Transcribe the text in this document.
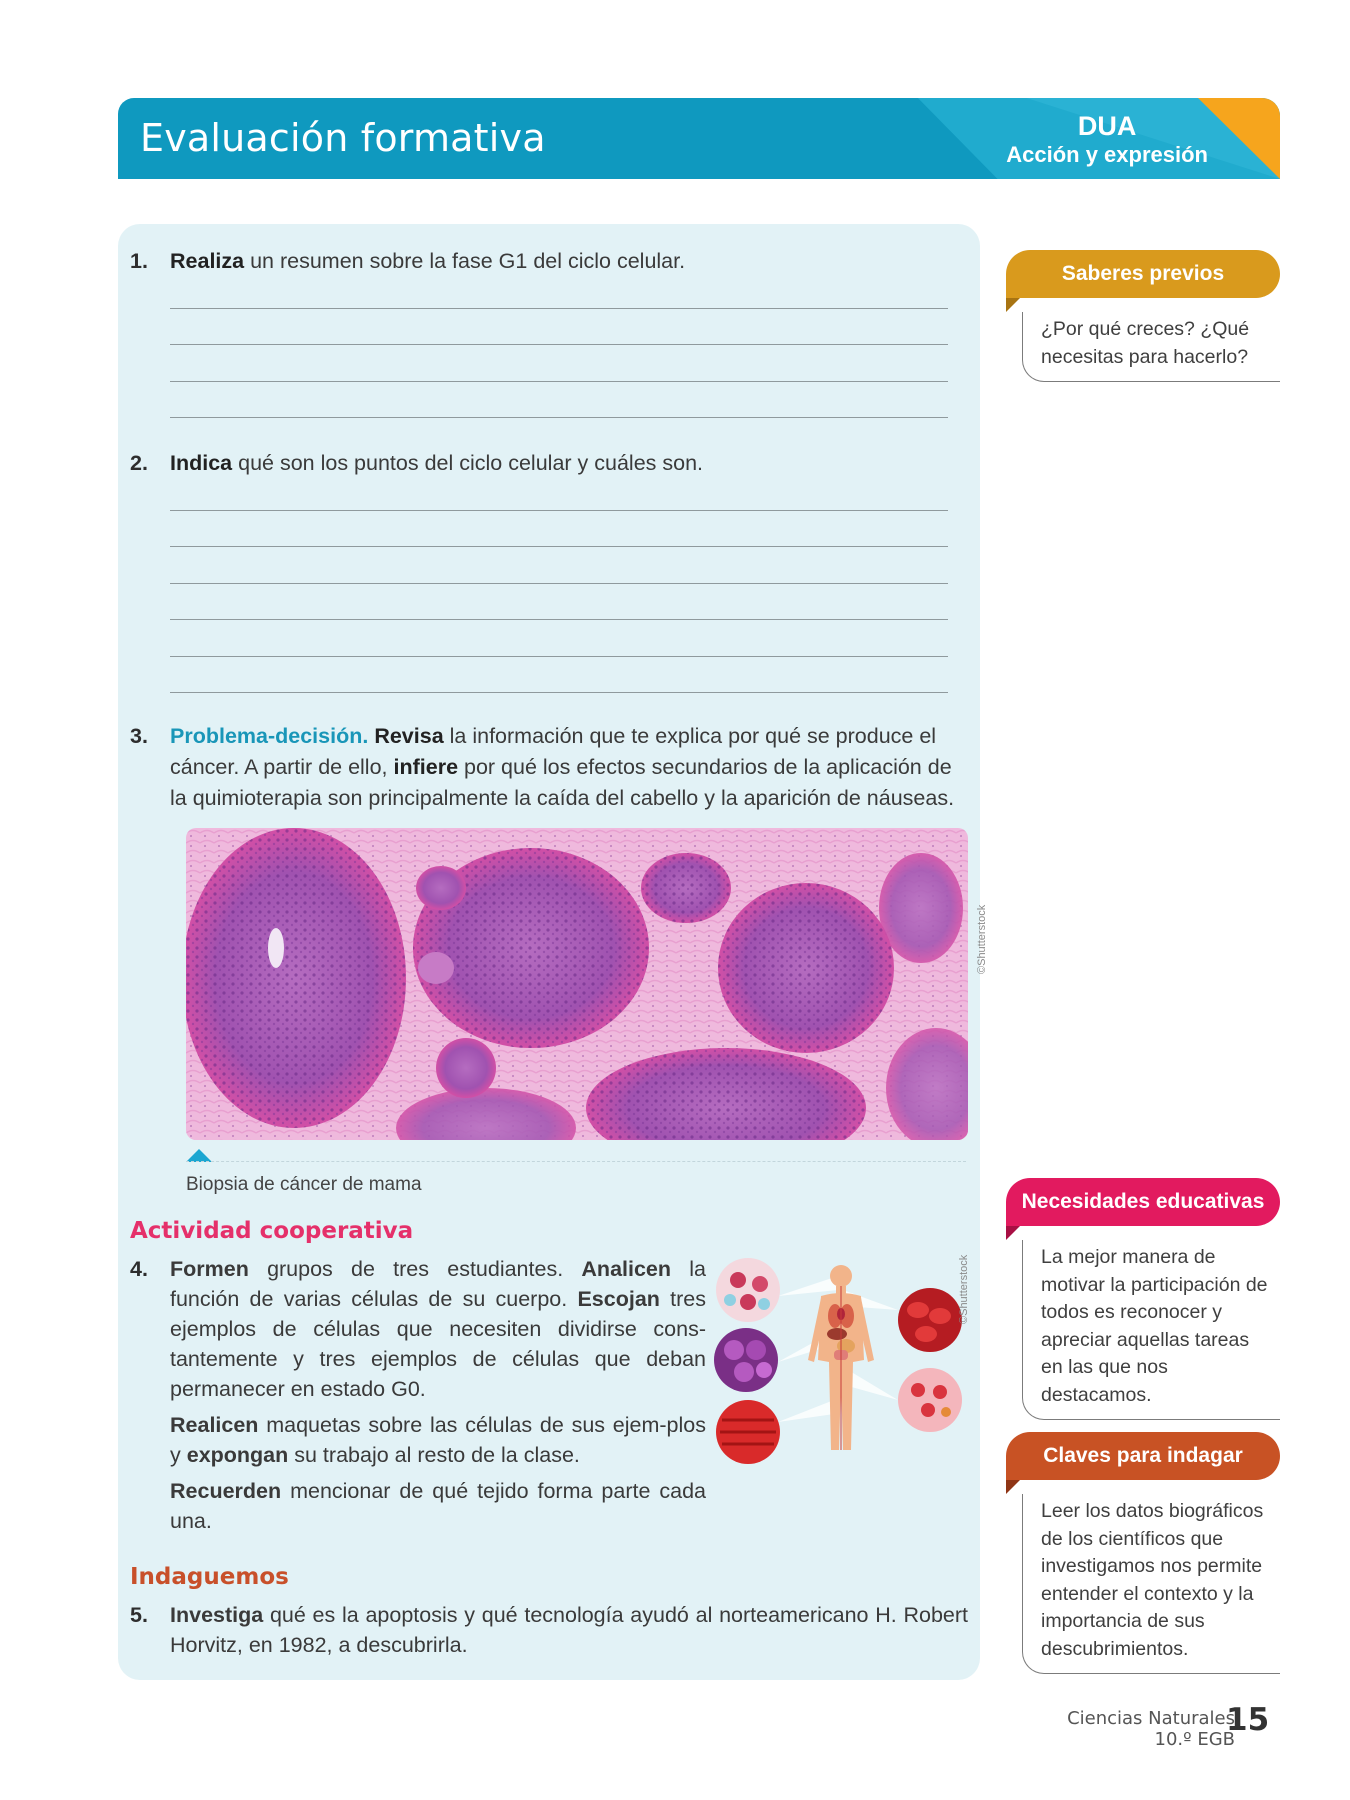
Evaluación formativa	DUA
Acción y expresión
1. Realiza un resumen sobre la fase G1 del ciclo celular.
2. Indica qué son los puntos del ciclo celular y cuáles son.
3. Problema-decisión. Revisa la información que te explica por qué se produce el cáncer. A partir de ello, infiere por qué los efectos secundarios de la aplicación de la quimioterapia son principalmente la caída del cabello y la aparición de náuseas.
©Shutterstock
Biopsia de cáncer de mama
Actividad cooperativa
4. Formen grupos de tres estudiantes. Analicen la función de varias células de su cuerpo. Escojan tres ejemplos de células que necesiten dividirse cons-tantemente y tres ejemplos de células que deban permanecer en estado G0.

Realicen maquetas sobre las células de sus ejem-plos y expongan su trabajo al resto de la clase.

Recuerden mencionar de qué tejido forma parte cada una.

©Shutterstock
Indaguemos
5. Investiga qué es la apoptosis y qué tecnología ayudó al norteamericano H. Robert Horvitz, en 1982, a descubrirla.
Saberes previos
¿Por qué creces? ¿Qué necesitas para hacerlo?
Necesidades educativas
La mejor manera de motivar la participación de todos es reconocer y apreciar aquellas tareas en las que nos destacamos.
Claves para indagar
Leer los datos biográficos de los científicos que investigamos nos permite entender el contexto y la importancia de sus descubrimientos.
Ciencias Naturales
10.º EGB
15
